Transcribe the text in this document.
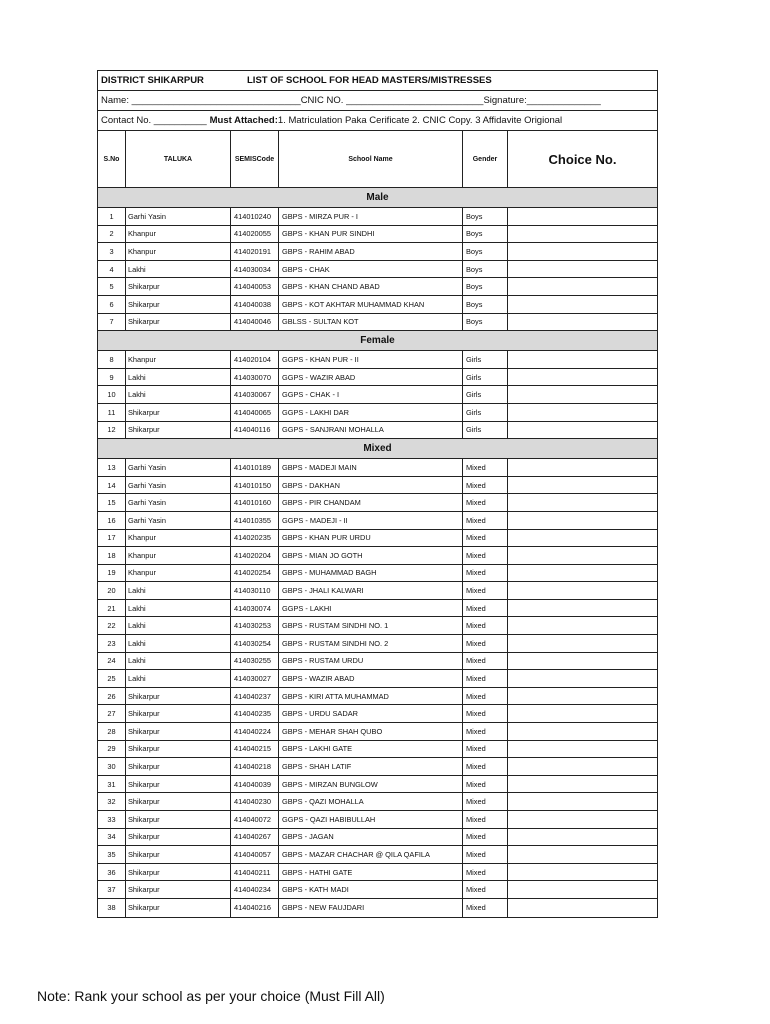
DISTRICT SHIKARPUR	LIST OF SCHOOL FOR HEAD MASTERS/MISTRESSES
Name: ________________________________CNIC NO. __________________________Signature:______________
Contact No. __________ Must Attached: 1. Matriculation Paka Cerificate 2. CNIC Copy. 3 Affidavite Origional
S.No	TALUKA	SEMISCode	School Name	Gender	Choice No.
Male
1	Garhi Yasin	414010240	GBPS - MIRZA PUR - I	Boys
2	Khanpur	414020055	GBPS - KHAN PUR SINDHI	Boys
3	Khanpur	414020191	GBPS - RAHIM ABAD	Boys
4	Lakhi	414030034	GBPS - CHAK	Boys
5	Shikarpur	414040053	GBPS - KHAN CHAND ABAD	Boys
6	Shikarpur	414040038	GBPS - KOT AKHTAR MUHAMMAD KHAN	Boys
7	Shikarpur	414040046	GBLSS - SULTAN KOT	Boys
Female
8	Khanpur	414020104	GGPS - KHAN PUR - II	Girls
9	Lakhi	414030070	GGPS - WAZIR ABAD	Girls
10	Lakhi	414030067	GGPS - CHAK - I	Girls
11	Shikarpur	414040065	GGPS - LAKHI DAR	Girls
12	Shikarpur	414040116	GGPS - SANJRANI MOHALLA	Girls
Mixed
13	Garhi Yasin	414010189	GBPS - MADEJI MAIN	Mixed
14	Garhi Yasin	414010150	GBPS - DAKHAN	Mixed
15	Garhi Yasin	414010160	GBPS - PIR CHANDAM	Mixed
16	Garhi Yasin	414010355	GGPS - MADEJI - II	Mixed
17	Khanpur	414020235	GBPS - KHAN PUR URDU	Mixed
18	Khanpur	414020204	GBPS - MIAN JO GOTH	Mixed
19	Khanpur	414020254	GBPS - MUHAMMAD BAGH	Mixed
20	Lakhi	414030110	GBPS - JHALI KALWARI	Mixed
21	Lakhi	414030074	GGPS - LAKHI	Mixed
22	Lakhi	414030253	GBPS - RUSTAM SINDHI NO. 1	Mixed
23	Lakhi	414030254	GBPS - RUSTAM SINDHI NO. 2	Mixed
24	Lakhi	414030255	GBPS - RUSTAM URDU	Mixed
25	Lakhi	414030027	GBPS - WAZIR ABAD	Mixed
26	Shikarpur	414040237	GBPS - KIRI ATTA MUHAMMAD	Mixed
27	Shikarpur	414040235	GBPS - URDU SADAR	Mixed
28	Shikarpur	414040224	GBPS - MEHAR SHAH QUBO	Mixed
29	Shikarpur	414040215	GBPS - LAKHI GATE	Mixed
30	Shikarpur	414040218	GBPS - SHAH LATIF	Mixed
31	Shikarpur	414040039	GBPS - MIRZAN BUNGLOW	Mixed
32	Shikarpur	414040230	GBPS - QAZI MOHALLA	Mixed
33	Shikarpur	414040072	GGPS - QAZI HABIBULLAH	Mixed
34	Shikarpur	414040267	GBPS - JAGAN	Mixed
35	Shikarpur	414040057	GBPS - MAZAR CHACHAR @ QILA QAFILA	Mixed
36	Shikarpur	414040211	GBPS - HATHI GATE	Mixed
37	Shikarpur	414040234	GBPS - KATH MADI	Mixed
38	Shikarpur	414040216	GBPS - NEW FAUJDARI	Mixed
Note: Rank your school as per your choice (Must Fill All)
